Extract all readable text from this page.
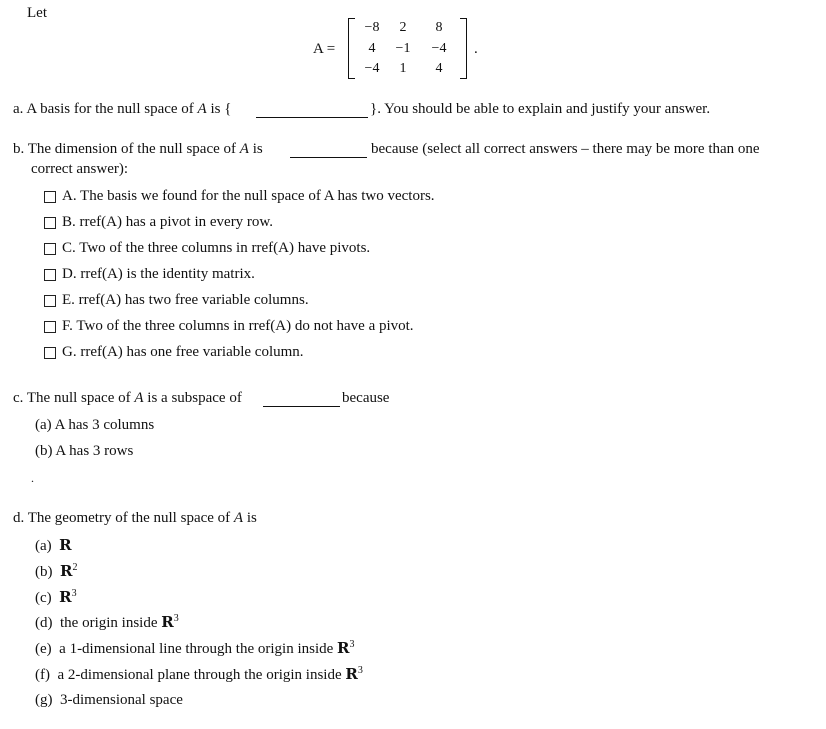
Let
A =
−8	2	8
4	−1	−4
−4	1	4
.
a. A basis for the null space of A is {	}. You should be able to explain and justify your answer.
b. The dimension of the null space of A is	because (select all correct answers – there may be more than one
correct answer):
A. The basis we found for the null space of A has two vectors.
B. rref(A) has a pivot in every row.
C. Two of the three columns in rref(A) have pivots.
D. rref(A) is the identity matrix.
E. rref(A) has two free variable columns.
F. Two of the three columns in rref(A) do not have a pivot.
G. rref(A) has one free variable column.
c. The null space of A is a subspace of	because
(a) A has 3 columns
(b) A has 3 rows
.
d. The geometry of the null space of A is
(a) R
(b) $R^2$
(c) $R^3$
(d) the origin inside $R^3$
(e) a 1-dimensional line through the origin inside $R^3$
(f) a 2-dimensional plane through the origin inside $R^3$
(g) 3-dimensional space
